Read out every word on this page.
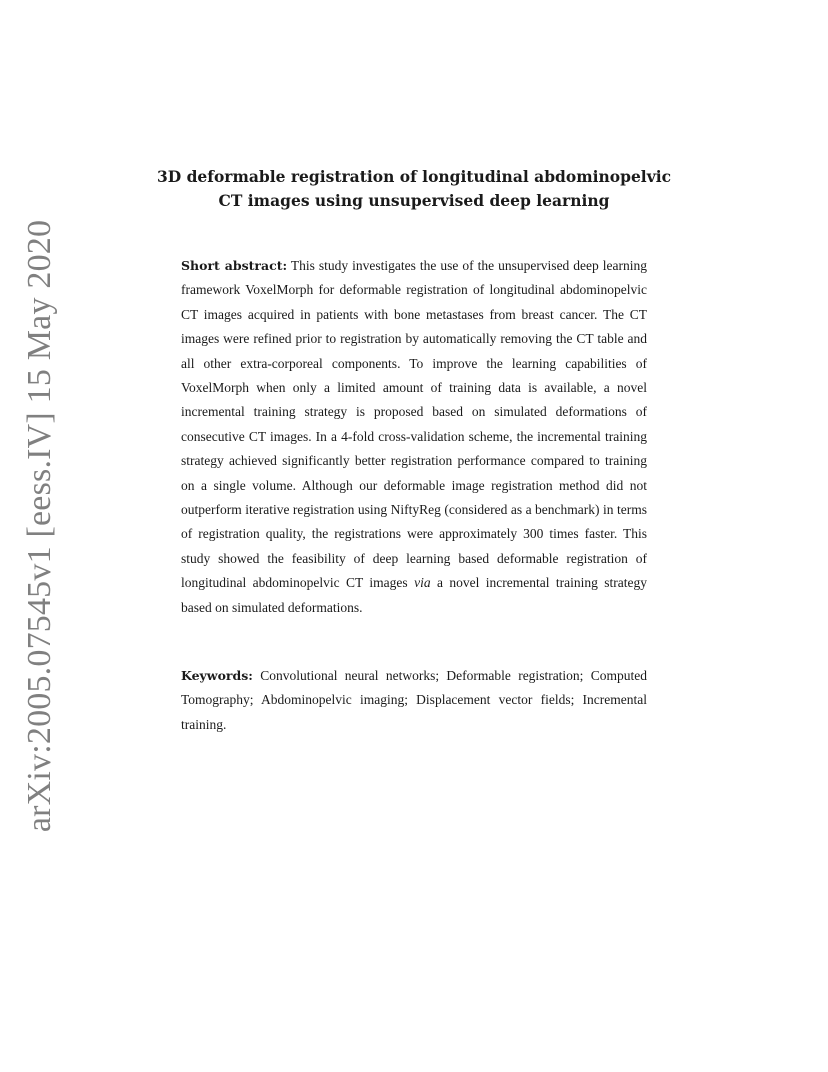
arXiv:2005.07545v1 [eess.IV] 15 May 2020
3D deformable registration of longitudinal abdominopelvic
CT images using unsupervised deep learning

Short abstract: This study investigates the use of the unsupervised deep learning framework VoxelMorph for deformable registration of longitudinal abdominopelvic CT images acquired in patients with bone metastases from breast cancer. The CT images were refined prior to registration by automatically removing the CT table and all other extra-corporeal components. To improve the learning capabilities of VoxelMorph when only a limited amount of training data is available, a novel incremental training strategy is proposed based on simulated deformations of consecutive CT images. In a 4-fold cross-validation scheme, the incremental training strategy achieved significantly better registration performance compared to training on a single volume. Although our deformable image registration method did not outperform iterative registration using NiftyReg (considered as a benchmark) in terms of registration quality, the registrations were approximately 300 times faster. This study showed the feasibility of deep learning based deformable registration of longitudinal abdominopelvic CT images via a novel incremental training strategy based on simulated deformations.

Keywords: Convolutional neural networks; Deformable registration; Computed Tomography; Abdominopelvic imaging; Displacement vector fields; Incremental training.
